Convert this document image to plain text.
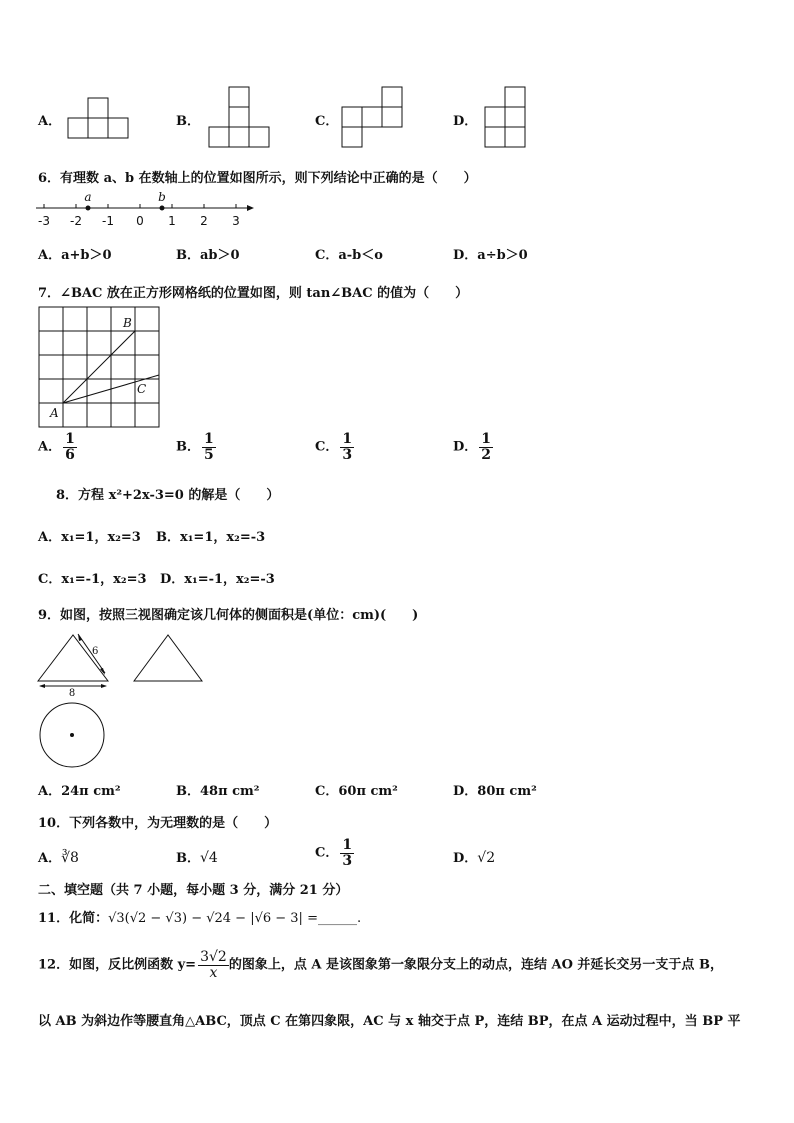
A．	B．	C．	D．
6．有理数 a、b 在数轴上的位置如图所示，则下列结论中正确的是（　　）
-3 -2 -1 0 1 2 3
a	b
A．a+b＞0	B．ab＞0	C．a-b＜o	D．a÷b＞0
7．∠BAC 放在正方形网格纸的位置如图，则 tan∠BAC 的值为（　　）
A
B
C
A． $\frac{1}{6}$	B． $\frac{1}{5}$	C． $\frac{1}{3}$	D． $\frac{1}{2}$
8．方程 x²+2x-3=0 的解是（　　）
A．x₁=1，x₂=3 B．x₁=1，x₂=-3
C．x₁=-1，x₂=3 D．x₁=-1，x₂=-3
9．如图，按照三视图确定该几何体的侧面积是(单位：cm)(　　)
6
8
A．24π cm²	B．48π cm²	C．60π cm²	D．80π cm²
10．下列各数中，为无理数的是（　　）
A．∛8	B．√4	C． $\frac{1}{3}$	D．√2
二、填空题（共 7 小题，每小题 3 分，满分 21 分）
11．化简：√3(√2 − √3) − √24 − |√6 − 3| =______.
12．如图，反比例函数 $y= \frac{3√2}{x}$ 的图象上，点 A 是该图象第一象限分支上的动点，连结 AO 并延长交另一支于点 B，
以 AB 为斜边作等腰直角△ABC，顶点 C 在第四象限，AC 与 x 轴交于点 P，连结 BP，在点 A 运动过程中，当 BP 平
